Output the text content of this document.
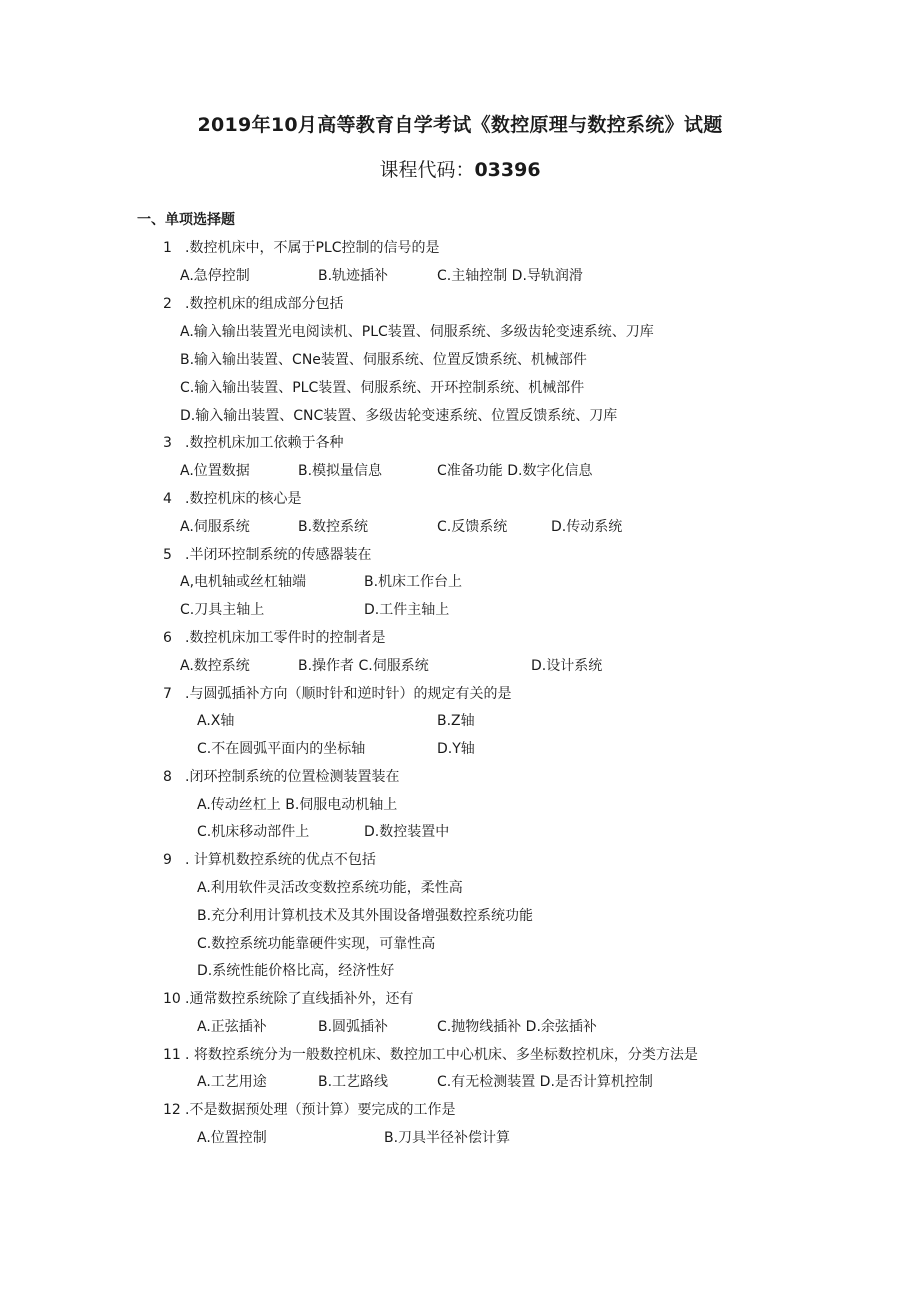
2019年10月高等教育自学考试《数控原理与数控系统》试题
课程代码：03396
一、单项选择题
1 .数控机床中，不属于PLC控制的信号的是
A.急停控制	B.轨迹插补	C.主轴控制 D.导轨润滑
2 .数控机床的组成部分包括
A.输入输出装置光电阅读机、PLC装置、伺服系统、多级齿轮变速系统、刀库
B.输入输出装置、CNe装置、伺服系统、位置反馈系统、机械部件
C.输入输出装置、PLC装置、伺服系统、开环控制系统、机械部件
D.输入输出装置、CNC装置、多级齿轮变速系统、位置反馈系统、刀库
3 .数控机床加工依赖于各种
A.位置数据	B.模拟量信息	C准备功能 D.数字化信息
4 .数控机床的核心是
A.伺服系统	B.数控系统	C.反馈系统	D.传动系统
5 .半闭环控制系统的传感器装在
A,电机轴或丝杠轴端	B.机床工作台上
C.刀具主轴上	D.工件主轴上
6 .数控机床加工零件时的控制者是
A.数控系统	B.操作者 C.伺服系统	D.设计系统
7 .与圆弧插补方向（顺时针和逆时针）的规定有关的是
A.X轴	B.Z轴
C.不在圆弧平面内的坐标轴	D.Y轴
8 .闭环控制系统的位置检测装置装在
A.传动丝杠上 B.伺服电动机轴上
C.机床移动部件上	D.数控装置中
9 . 计算机数控系统的优点不包括
A.利用软件灵活改变数控系统功能，柔性高
B.充分利用计算机技术及其外围设备增强数控系统功能
C.数控系统功能靠硬件实现，可靠性高
D.系统性能价格比高，经济性好
10 .通常数控系统除了直线插补外，还有
A.正弦插补	B.圆弧插补	C.抛物线插补 D.余弦插补
11 . 将数控系统分为一般数控机床、数控加工中心机床、多坐标数控机床，分类方法是
A.工艺用途	B.工艺路线	C.有无检测装置 D.是否计算机控制
12 .不是数据预处理（预计算）要完成的工作是
A.位置控制	B.刀具半径补偿计算
